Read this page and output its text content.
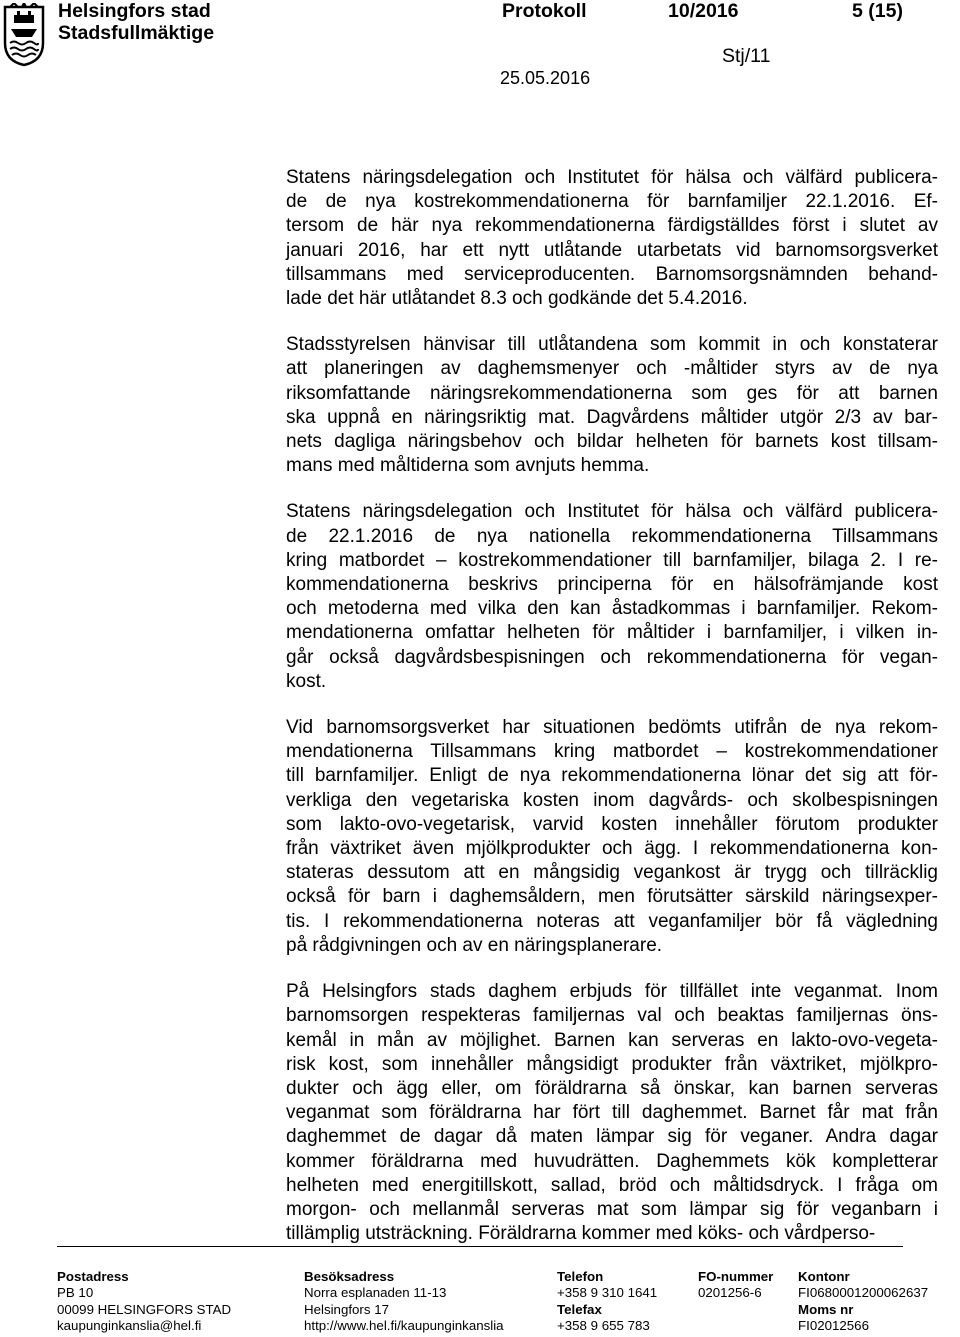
Helsingfors stad
Stadsfullmäktige
Protokoll	10/2016	5 (15)
Stj/11
25.05.2016
Statens näringsdelegation och Institutet för hälsa och välfärd publicera-
de de nya kostrekommendationerna för barnfamiljer 22.1.2016. Ef-
tersom de här nya rekommendationerna färdigställdes först i slutet av
januari 2016, har ett nytt utlåtande utarbetats vid barnomsorgsverket
tillsammans med serviceproducenten. Barnomsorgsnämnden behand-
lade det här utlåtandet 8.3 och godkände det 5.4.2016.
Stadsstyrelsen hänvisar till utlåtandena som kommit in och konstaterar
att planeringen av daghemsmenyer och -måltider styrs av de nya
riksomfattande näringsrekommendationerna som ges för att barnen
ska uppnå en näringsriktig mat. Dagvårdens måltider utgör 2/3 av bar-
nets dagliga näringsbehov och bildar helheten för barnets kost tillsam-
mans med måltiderna som avnjuts hemma.
Statens näringsdelegation och Institutet för hälsa och välfärd publicera-
de 22.1.2016 de nya nationella rekommendationerna Tillsammans
kring matbordet – kostrekommendationer till barnfamiljer, bilaga 2. I re-
kommendationerna beskrivs principerna för en hälsofrämjande kost
och metoderna med vilka den kan åstadkommas i barnfamiljer. Rekom-
mendationerna omfattar helheten för måltider i barnfamiljer, i vilken in-
går också dagvårdsbespisningen och rekommendationerna för vegan-
kost.
Vid barnomsorgsverket har situationen bedömts utifrån de nya rekom-
mendationerna Tillsammans kring matbordet – kostrekommendationer
till barnfamiljer. Enligt de nya rekommendationerna lönar det sig att för-
verkliga den vegetariska kosten inom dagvårds- och skolbespisningen
som lakto-ovo-vegetarisk, varvid kosten innehåller förutom produkter
från växtriket även mjölkprodukter och ägg. I rekommendationerna kon-
stateras dessutom att en mångsidig vegankost är trygg och tillräcklig
också för barn i daghemsåldern, men förutsätter särskild näringsexper-
tis. I rekommendationerna noteras att veganfamiljer bör få vägledning
på rådgivningen och av en näringsplanerare.
På Helsingfors stads daghem erbjuds för tillfället inte veganmat. Inom
barnomsorgen respekteras familjernas val och beaktas familjernas öns-
kemål in mån av möjlighet. Barnen kan serveras en lakto-ovo-vegeta-
risk kost, som innehåller mångsidigt produkter från växtriket, mjölkpro-
dukter och ägg eller, om föräldrarna så önskar, kan barnen serveras
veganmat som föräldrarna har fört till daghemmet. Barnet får mat från
daghemmet de dagar då maten lämpar sig för veganer. Andra dagar
kommer föräldrarna med huvudrätten. Daghemmets kök kompletterar
helheten med energitillskott, sallad, bröd och måltidsdryck. I fråga om
morgon- och mellanmål serveras mat som lämpar sig för veganbarn i
tillämplig utsträckning. Föräldrarna kommer med köks- och vårdperso-
Postadress
PB 10
00099 HELSINGFORS STAD
kaupunginkanslia@hel.fi
Besöksadress
Norra esplanaden 11-13
Helsingfors 17
http://www.hel.fi/kaupunginkanslia
Telefon
+358 9 310 1641
Telefax
+358 9 655 783
FO-nummer
0201256-6
Kontonr
FI0680001200062637
Moms nr
FI02012566
